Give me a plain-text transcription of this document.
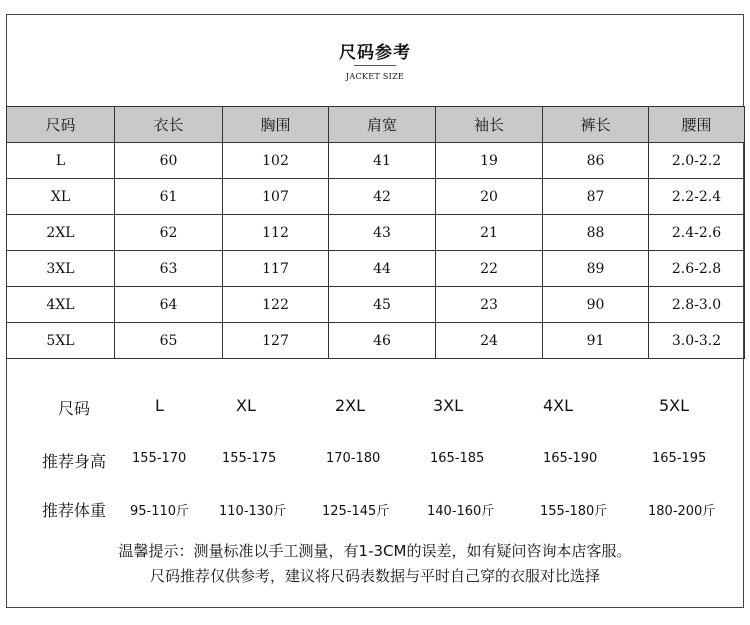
尺码参考
JACKET SIZE
尺码	衣长	胸围	肩宽	袖长	裤长	腰围
L	60	102	41	19	86	2.0-2.2
XL	61	107	42	20	87	2.2-2.4
2XL	62	112	43	21	88	2.4-2.6
3XL	63	117	44	22	89	2.6-2.8
4XL	64	122	45	23	90	2.8-3.0
5XL	65	127	46	24	91	3.0-3.2
尺码	L	XL	2XL	3XL	4XL	5XL
推荐身高 155-170	155-175	170-180	165-185	165-190	165-195
推荐体重 95-110斤 110-130斤	125-145斤	140-160斤	155-180斤	180-200斤
温馨提示：测量标准以手工测量，有1-3CM的误差，如有疑问咨询本店客服。
尺码推荐仅供参考，建议将尺码表数据与平时自己穿的衣服对比选择
